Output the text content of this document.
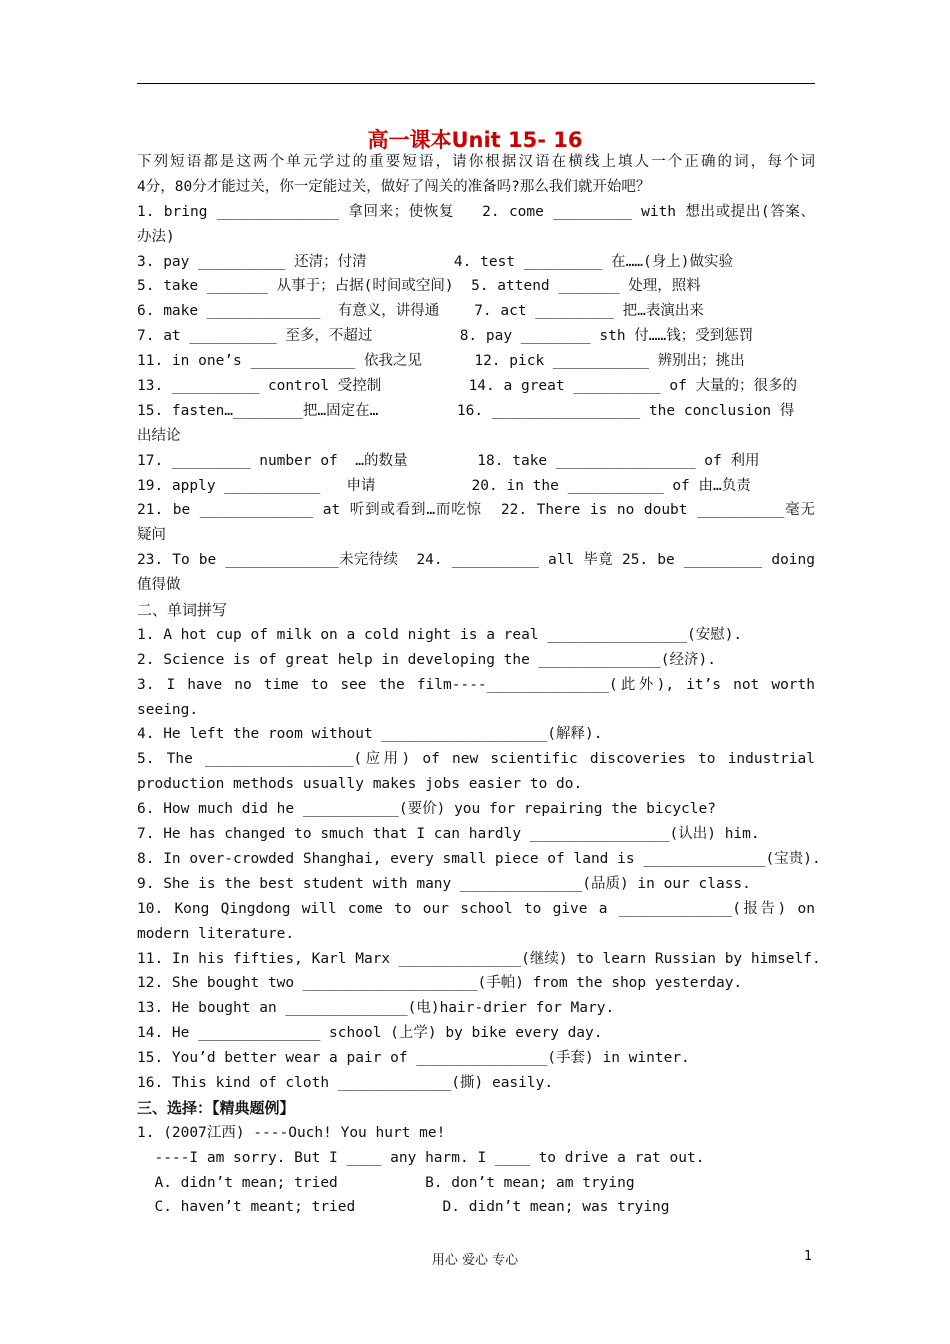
高一课本Unit 15- 16
下列短语都是这两个单元学过的重要短语，请你根据汉语在横线上填人一个正确的词，每个词
4分，80分才能过关，你一定能过关，做好了闯关的准备吗?那么我们就开始吧？
1. bring ______________ 拿回来；使恢复   2. come _________ with 想出或提出(答案、
办法)
3. pay __________ 还清；付清          4. test _________ 在……(身上)做实验
5. take _______ 从事于；占据(时间或空间)  5. attend _______ 处理，照料
6. make _____________  有意义，讲得通    7. act _________ 把…表演出来
7. at __________ 至多，不超过          8. pay ________ sth 付……钱；受到惩罚
11. in one’s ____________ 依我之见      12. pick ___________ 辨别出；挑出
13. __________ control 受控制          14. a great __________ of 大量的；很多的
15. fasten…________把…固定在…         16. _________________ the conclusion 得
出结论
17. _________ number of  …的数量        18. take ________________ of 利用
19. apply ___________   申请           20. in the ___________ of 由…负责
21. be _____________ at 听到或看到…而吃惊  22. There is no doubt __________毫无
疑问
23. To be _____________未完待续  24. __________ all 毕竟 25. be _________ doing
值得做
二、单词拼写
1. A hot cup of milk on a cold night is a real ________________(安慰).
2. Science is of great help in developing the ______________(经济).
3. I have no time to see the film----______________(此外), it’s not worth
seeing.
4. He left the room without ___________________(解释).
5. The _________________(应用) of new scientific discoveries to industrial
production methods usually makes jobs easier to do.
6. How much did he ___________(要价) you for repairing the bicycle?
7. He has changed to smuch that I can hardly ________________(认出) him.
8. In over-crowded Shanghai, every small piece of land is ______________(宝贵).
9. She is the best student with many ______________(品质) in our class.
10. Kong Qingdong will come to our school to give a _____________(报告) on
modern literature.
11. In his fifties, Karl Marx ______________(继续) to learn Russian by himself.
12. She bought two ____________________(手帕) from the shop yesterday.
13. He bought an ______________(电)hair-drier for Mary.
14. He ______________ school (上学) by bike every day.
15. You’d better wear a pair of _______________(手套) in winter.
16. This kind of cloth _____________(撕) easily.
三、选择：【精典题例】
1. (2007江西) ----Ouch! You hurt me!
----I am sorry. But I ____ any harm. I ____ to drive a rat out.
A. didn’t mean; tried          B. don’t mean; am trying
C. haven’t meant; tried          D. didn’t mean; was trying
用心 爱心 专心	1
